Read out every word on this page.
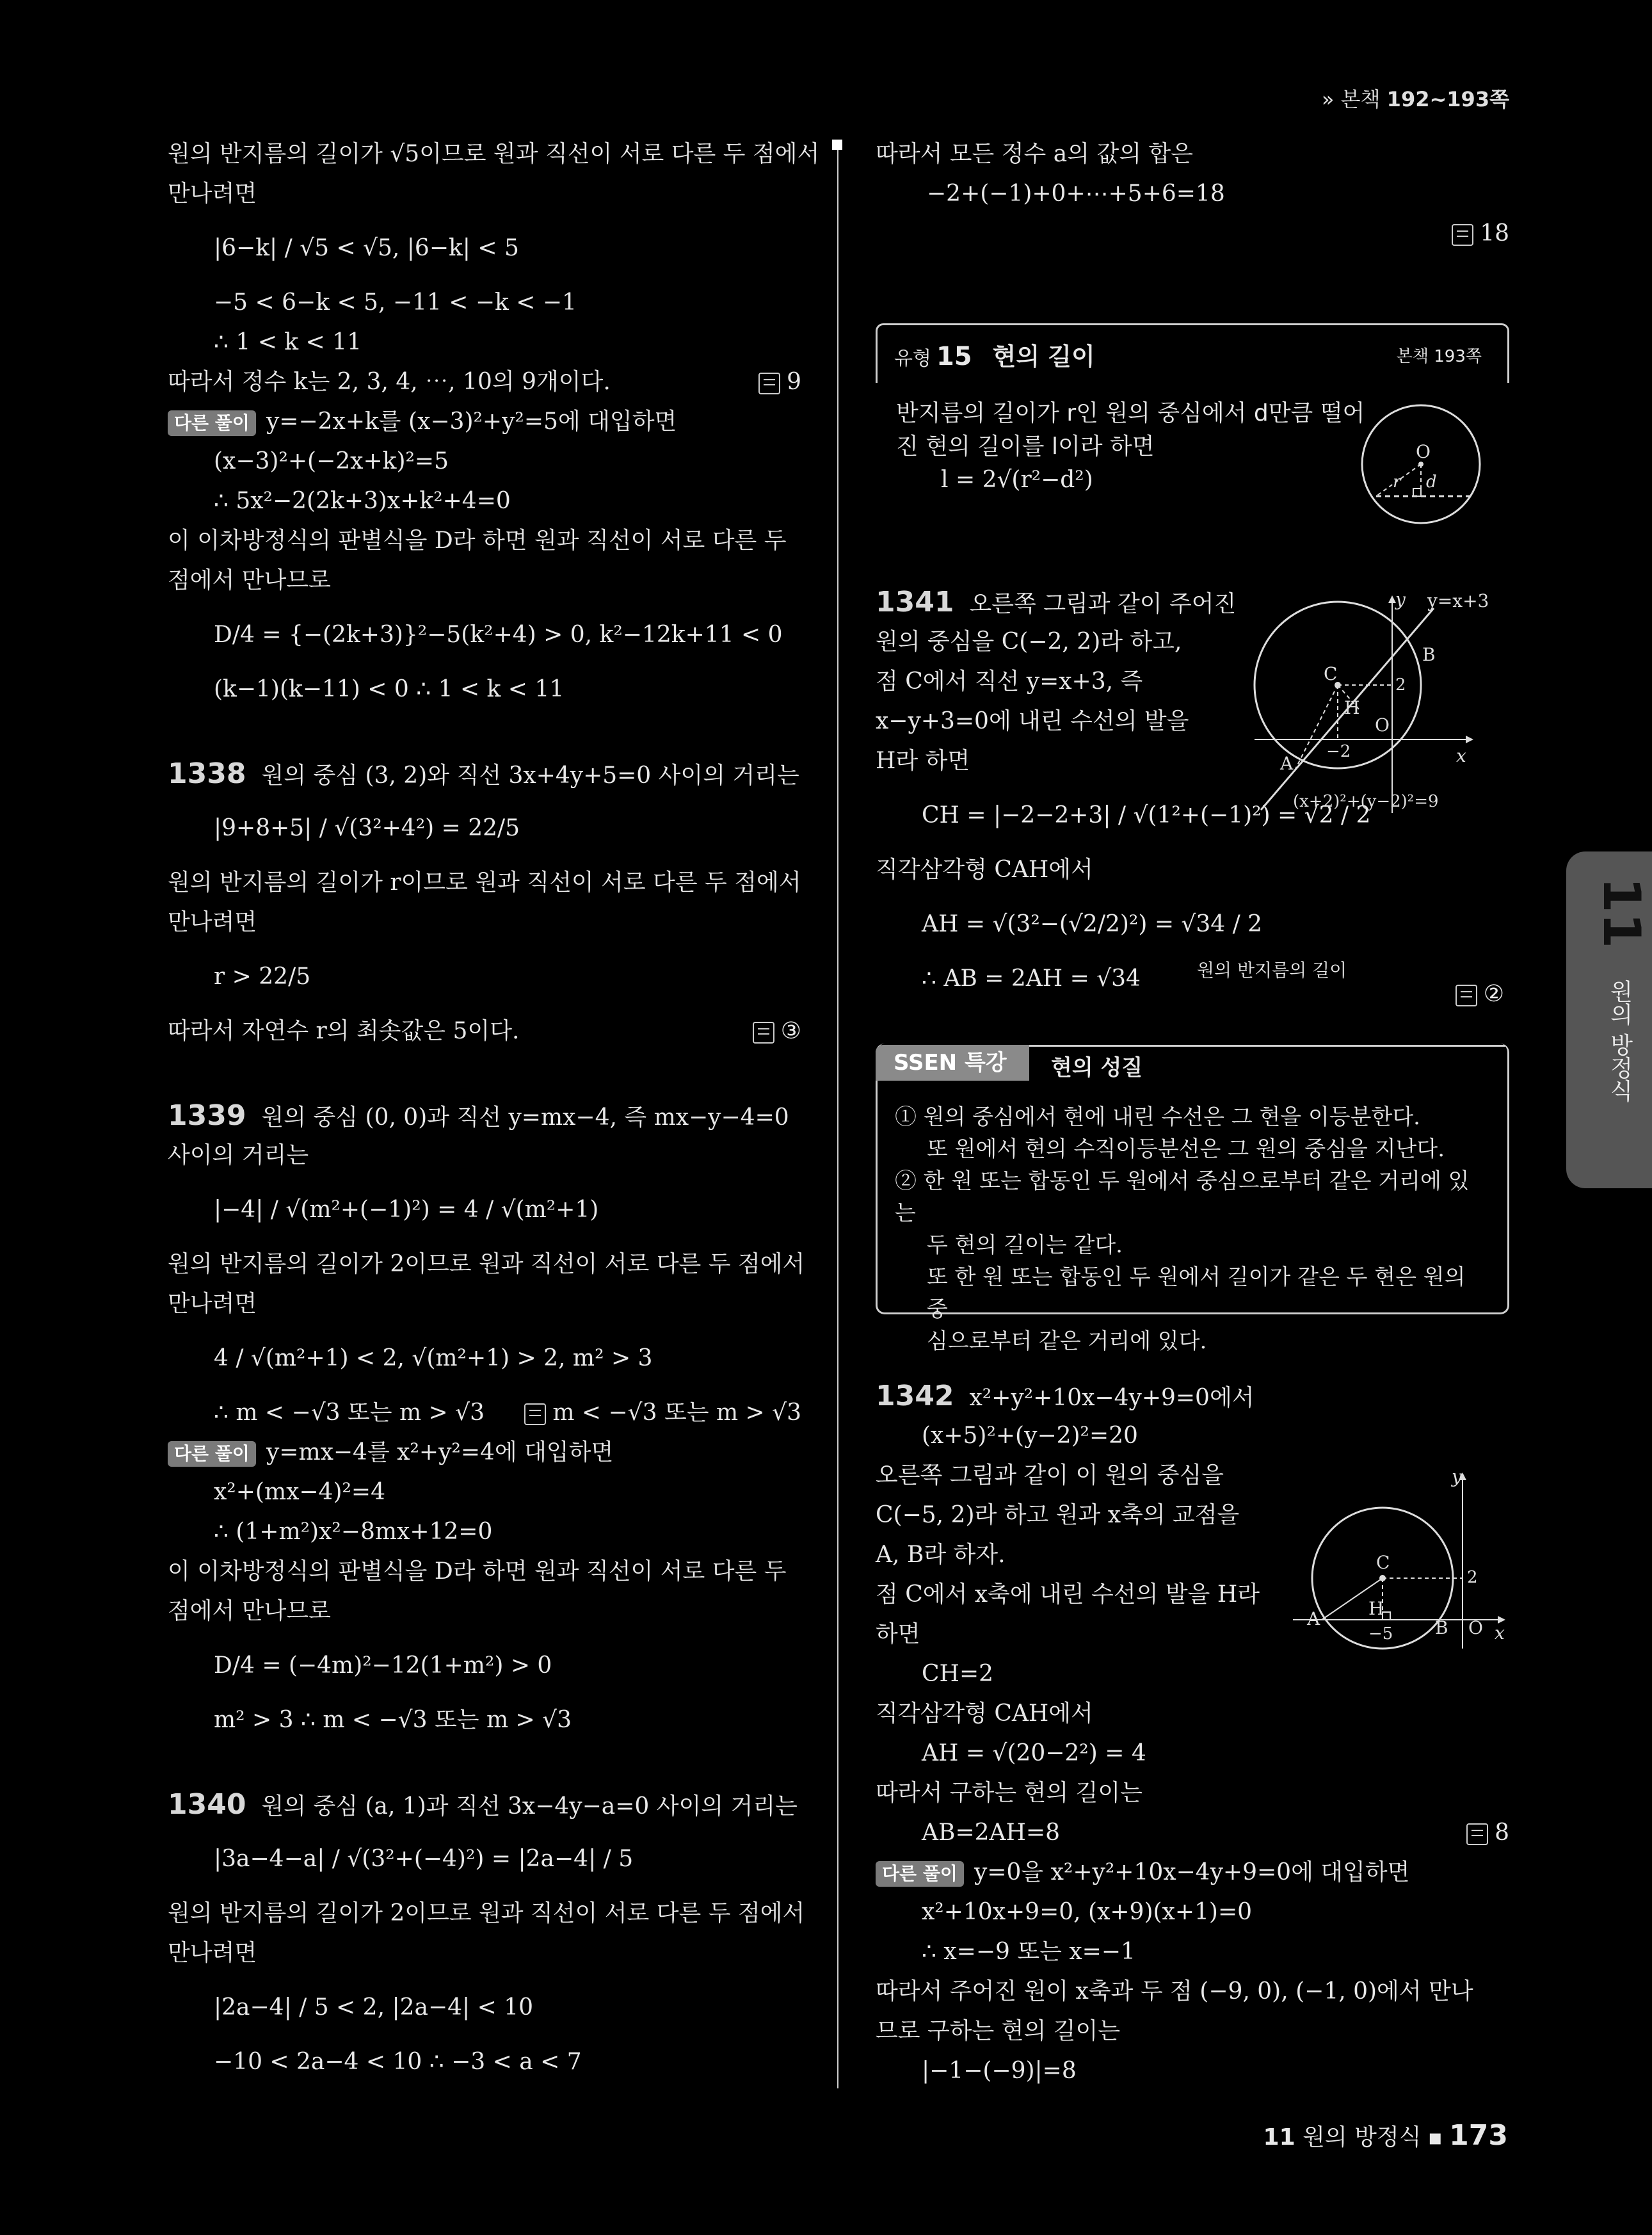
» 본책 192~193쪽
원의 반지름의 길이가 √5이므로 원과 직선이 서로 다른 두 점에서
만나려면
|6−k| / √5 < √5, |6−k| < 5
−5 < 6−k < 5, −11 < −k < −1
∴ 1 < k < 11
따라서 정수 k는 2, 3, 4, ⋯, 10의 9개이다.	9
다른 풀이 y=−2x+k를 (x−3)²+y²=5에 대입하면
(x−3)²+(−2x+k)²=5
∴ 5x²−2(2k+3)x+k²+4=0
이 이차방정식의 판별식을 D라 하면 원과 직선이 서로 다른 두
점에서 만나므로
D/4 = {−(2k+3)}²−5(k²+4) > 0, k²−12k+11 < 0
(k−1)(k−11) < 0 ∴ 1 < k < 11
1338 원의 중심 (3, 2)와 직선 3x+4y+5=0 사이의 거리는
|9+8+5| / √(3²+4²) = 22/5
원의 반지름의 길이가 r이므로 원과 직선이 서로 다른 두 점에서
만나려면
r > 22/5
따라서 자연수 r의 최솟값은 5이다.	③
1339 원의 중심 (0, 0)과 직선 y=mx−4, 즉 mx−y−4=0
사이의 거리는
|−4| / √(m²+(−1)²) = 4 / √(m²+1)
원의 반지름의 길이가 2이므로 원과 직선이 서로 다른 두 점에서
만나려면
4 / √(m²+1) < 2, √(m²+1) > 2, m² > 3
∴ m < −√3 또는 m > √3	m < −√3 또는 m > √3
다른 풀이 y=mx−4를 x²+y²=4에 대입하면
x²+(mx−4)²=4
∴ (1+m²)x²−8mx+12=0
이 이차방정식의 판별식을 D라 하면 원과 직선이 서로 다른 두
점에서 만나므로
D/4 = (−4m)²−12(1+m²) > 0
m² > 3 ∴ m < −√3 또는 m > √3
1340 원의 중심 (a, 1)과 직선 3x−4y−a=0 사이의 거리는
|3a−4−a| / √(3²+(−4)²) = |2a−4| / 5
원의 반지름의 길이가 2이므로 원과 직선이 서로 다른 두 점에서
만나려면
|2a−4| / 5 < 2, |2a−4| < 10
−10 < 2a−4 < 10 ∴ −3 < a < 7
따라서 모든 정수 a의 값의 합은
−2+(−1)+0+⋯+5+6=18
18
유형 15 현의 길이	본책 193쪽
반지름의 길이가 r인 원의 중심에서 d만큼 떨어
진 현의 길이를 l이라 하면
l = 2√(r²−d²)
O
r d
1341 오른쪽 그림과 같이 주어진
원의 중심을 C(−2, 2)라 하고,
점 C에서 직선 y=x+3, 즉
x−y+3=0에 내린 수선의 발을
H라 하면
CH = |−2−2+3| / √(1²+(−1)²) = √2 / 2
직각삼각형 CAH에서
AH = √(3²−(√2/2)²) = √34 / 2
∴ AB = 2AH = √34	원의 반지름의 길이
②
y
x
y=x+3
(x+2)²+(y−2)²=9
C
H
O
A
B
2
−2
SSEN 특강	현의 성질
① 원의 중심에서 현에 내린 수선은 그 현을 이등분한다.
또 원에서 현의 수직이등분선은 그 원의 중심을 지난다.
② 한 원 또는 합동인 두 원에서 중심으로부터 같은 거리에 있는
두 현의 길이는 같다.
또 한 원 또는 합동인 두 원에서 길이가 같은 두 현은 원의 중
심으로부터 같은 거리에 있다.
1342 x²+y²+10x−4y+9=0에서
(x+5)²+(y−2)²=20
오른쪽 그림과 같이 이 원의 중심을
C(−5, 2)라 하고 원과 x축의 교점을
A, B라 하자.
점 C에서 x축에 내린 수선의 발을 H라
하면
CH=2
직각삼각형 CAH에서
AH = √(20−2²) = 4
따라서 구하는 현의 길이는
AB=2AH=8	8
다른 풀이 y=0을 x²+y²+10x−4y+9=0에 대입하면
x²+10x+9=0, (x+9)(x+1)=0
∴ x=−9 또는 x=−1
따라서 주어진 원이 x축과 두 점 (−9, 0), (−1, 0)에서 만나
므로 구하는 현의 길이는
|−1−(−9)|=8
y
x
C
H
A	B O
2
−5
11
원의 방정식
11 원의 방정식 ■ 173
